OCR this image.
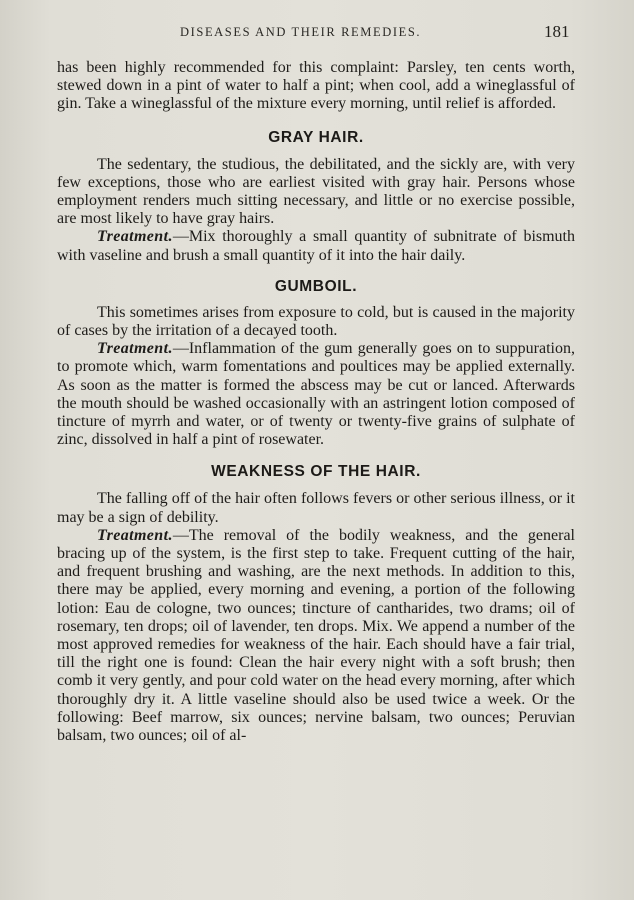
DISEASES AND THEIR REMEDIES.	181

has been highly recommended for this complaint: Parsley, ten cents worth, stewed down in a pint of water to half a pint; when cool, add a wineglassful of gin. Take a wineglassful of the mixture every morning, until relief is afforded.

GRAY HAIR.

The sedentary, the studious, the debilitated, and the sickly are, with very few exceptions, those who are earliest visited with gray hair. Persons whose employment renders much sitting necessary, and little or no exercise possible, are most likely to have gray hairs.

Treatment.—Mix thoroughly a small quantity of subnitrate of bismuth with vaseline and brush a small quantity of it into the hair daily.

GUMBOIL.

This sometimes arises from exposure to cold, but is caused in the majority of cases by the irritation of a decayed tooth.

Treatment.—Inflammation of the gum generally goes on to suppuration, to promote which, warm fomentations and poultices may be applied externally. As soon as the matter is formed the abscess may be cut or lanced. Afterwards the mouth should be washed occasionally with an astringent lotion composed of tincture of myrrh and water, or of twenty or twenty-five grains of sulphate of zinc, dissolved in half a pint of rosewater.

WEAKNESS OF THE HAIR.

The falling off of the hair often follows fevers or other serious illness, or it may be a sign of debility.

Treatment.—The removal of the bodily weakness, and the general bracing up of the system, is the first step to take. Frequent cutting of the hair, and frequent brushing and washing, are the next methods. In addition to this, there may be applied, every morning and evening, a portion of the following lotion: Eau de cologne, two ounces; tincture of cantharides, two drams; oil of rosemary, ten drops; oil of lavender, ten drops. Mix. We append a number of the most approved remedies for weakness of the hair. Each should have a fair trial, till the right one is found: Clean the hair every night with a soft brush; then comb it very gently, and pour cold water on the head every morning, after which thoroughly dry it. A little vaseline should also be used twice a week. Or the following: Beef marrow, six ounces; nervine balsam, two ounces; Peruvian balsam, two ounces; oil of al-
